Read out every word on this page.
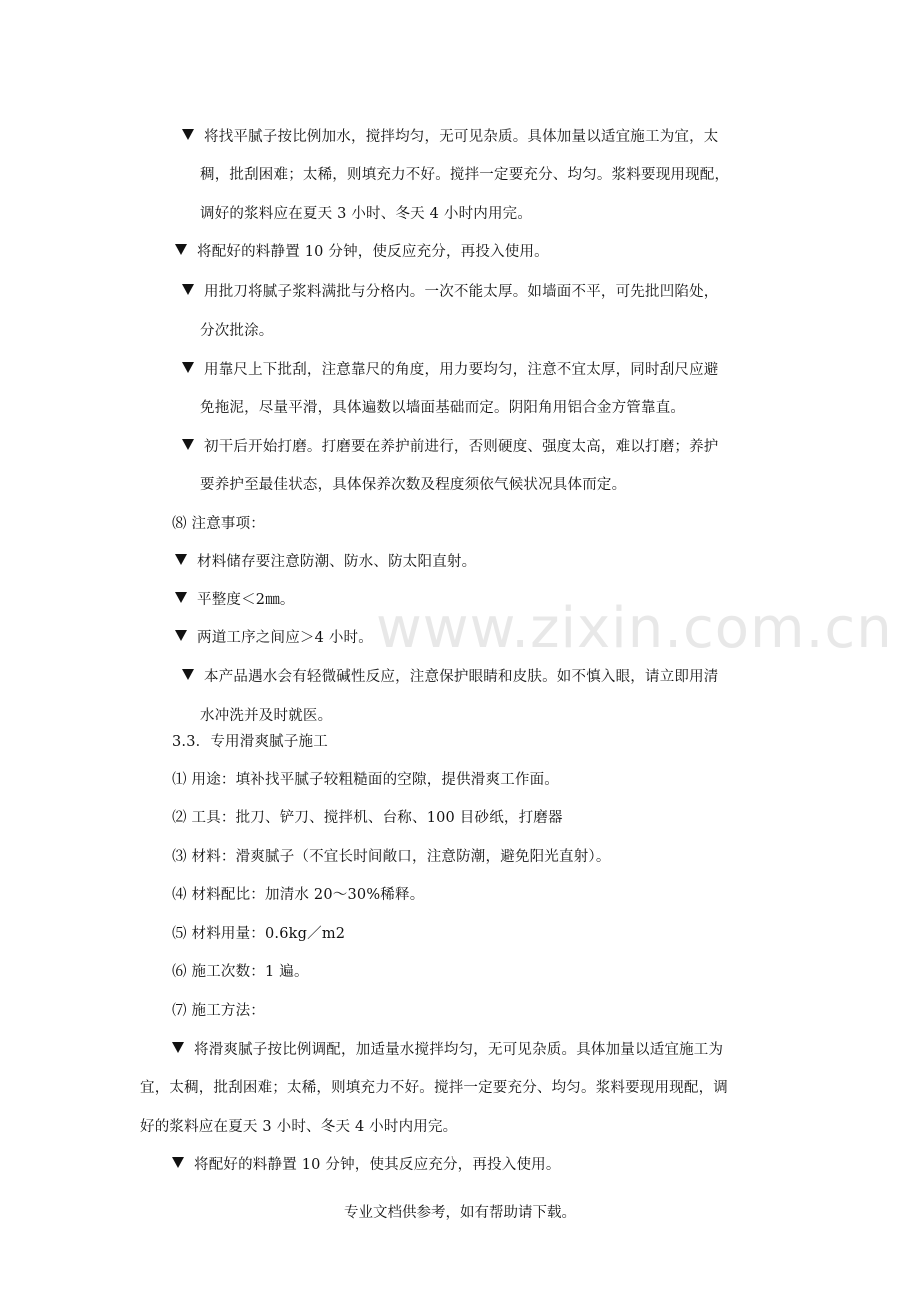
www.zixin.com.cn
将找平腻子按比例加水，搅拌均匀，无可见杂质。具体加量以适宜施工为宜，太
稠，批刮困难；太稀，则填充力不好。搅拌一定要充分、均匀。浆料要现用现配，
调好的浆料应在夏天 3 小时、冬天 4 小时内用完。
将配好的料静置 10 分钟，使反应充分，再投入使用。
用批刀将腻子浆料满批与分格内。一次不能太厚。如墙面不平，可先批凹陷处，
分次批涂。
用靠尺上下批刮，注意靠尺的角度，用力要均匀，注意不宜太厚，同时刮尺应避
免拖泥，尽量平滑，具体遍数以墙面基础而定。阴阳角用铝合金方管靠直。
初干后开始打磨。打磨要在养护前进行，否则硬度、强度太高，难以打磨；养护
要养护至最佳状态，具体保养次数及程度须依气候状况具体而定。
⑻ 注意事项：
材料储存要注意防潮、防水、防太阳直射。
平整度＜2㎜。
两道工序之间应＞4 小时。
本产品遇水会有轻微碱性反应，注意保护眼睛和皮肤。如不慎入眼，请立即用清
水冲洗并及时就医。
3.3．专用滑爽腻子施工
⑴ 用途：填补找平腻子较粗糙面的空隙，提供滑爽工作面。
⑵ 工具：批刀、铲刀、搅拌机、台称、100 目砂纸，打磨器
⑶ 材料：滑爽腻子（不宜长时间敞口，注意防潮，避免阳光直射）。
⑷ 材料配比：加清水 20～30%稀释。
⑸ 材料用量：0.6kg／m2
⑹ 施工次数：1 遍。
⑺ 施工方法：
将滑爽腻子按比例调配，加适量水搅拌均匀，无可见杂质。具体加量以适宜施工为
宜，太稠，批刮困难；太稀，则填充力不好。搅拌一定要充分、均匀。浆料要现用现配，调
好的浆料应在夏天 3 小时、冬天 4 小时内用完。
将配好的料静置 10 分钟，使其反应充分，再投入使用。
专业文档供参考，如有帮助请下载。
